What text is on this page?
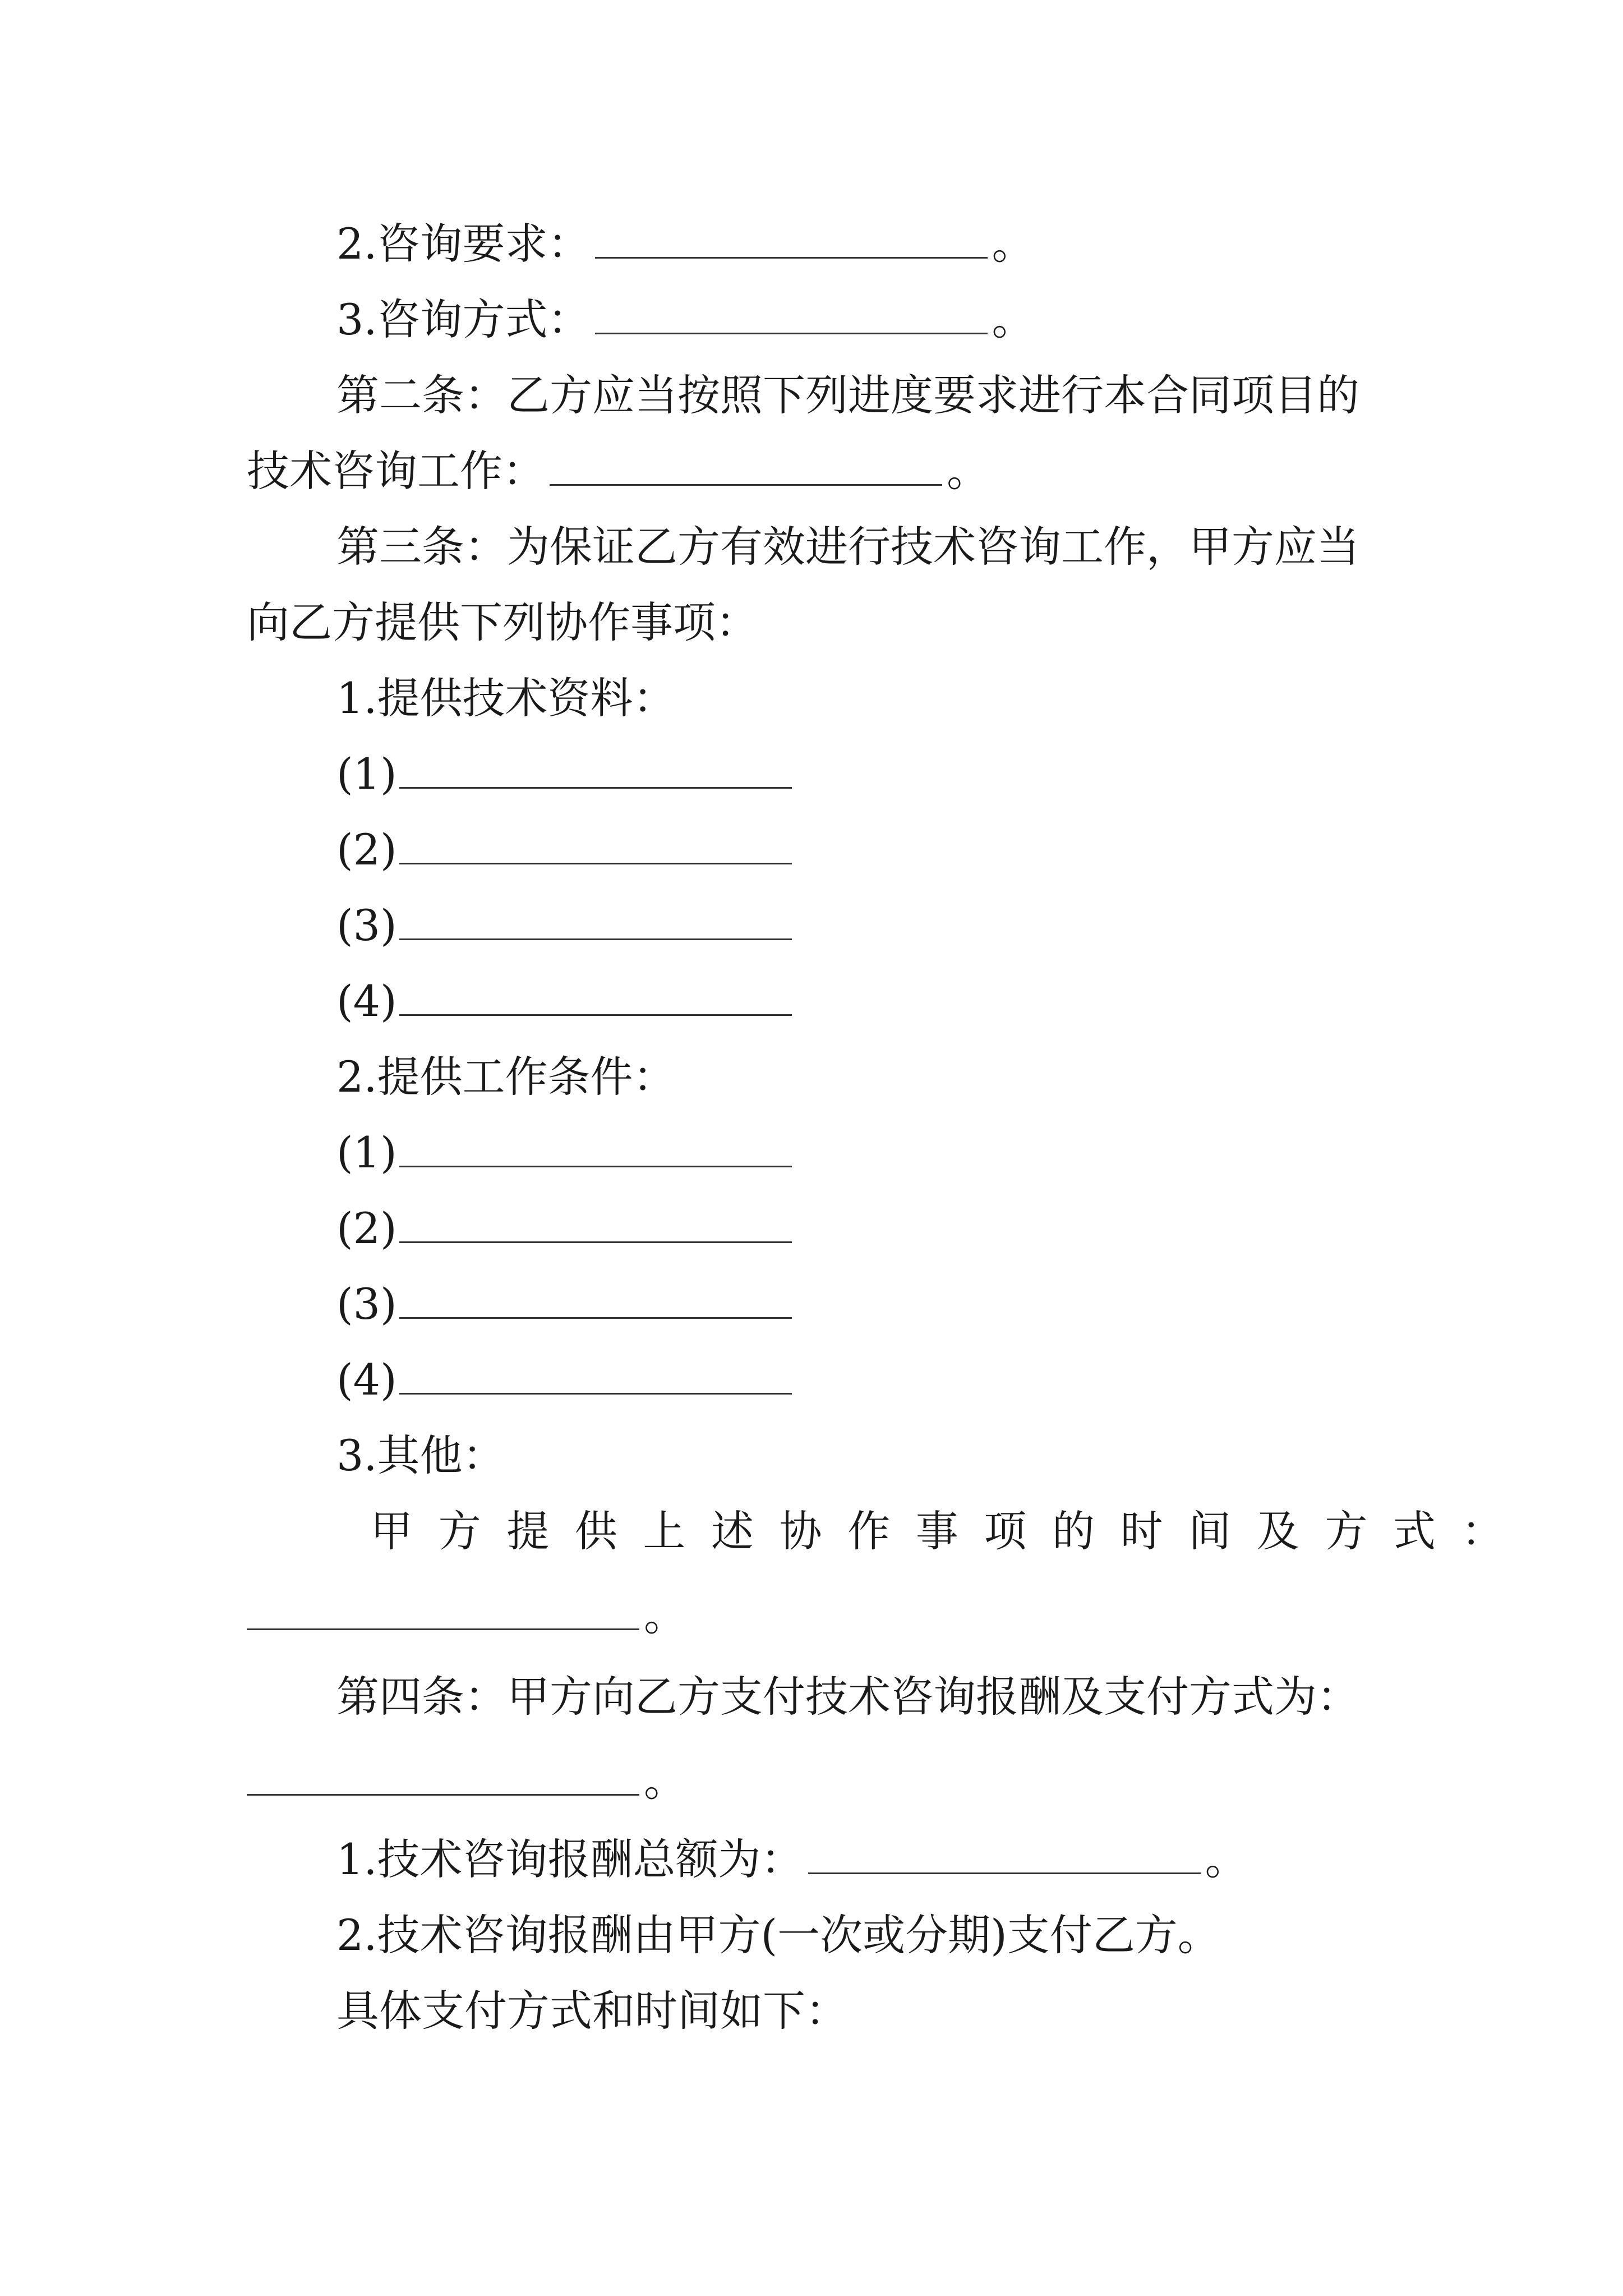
2.咨询要求：	。
3.咨询方式：	。
第二条：乙方应当按照下列进度要求进行本合同项目的
技术咨询工作：	。
第三条：为保证乙方有效进行技术咨询工作，甲方应当
向乙方提供下列协作事项：
1.提供技术资料：
(1)
(2)
(3)
(4)
2.提供工作条件：
(1)
(2)
(3)
(4)
3.其他：
甲方提供上述协作事项的时间及方式：
。
第四条：甲方向乙方支付技术咨询报酬及支付方式为：
。
1.技术咨询报酬总额为：	。
2.技术咨询报酬由甲方(一次或分期)支付乙方。
具体支付方式和时间如下：
